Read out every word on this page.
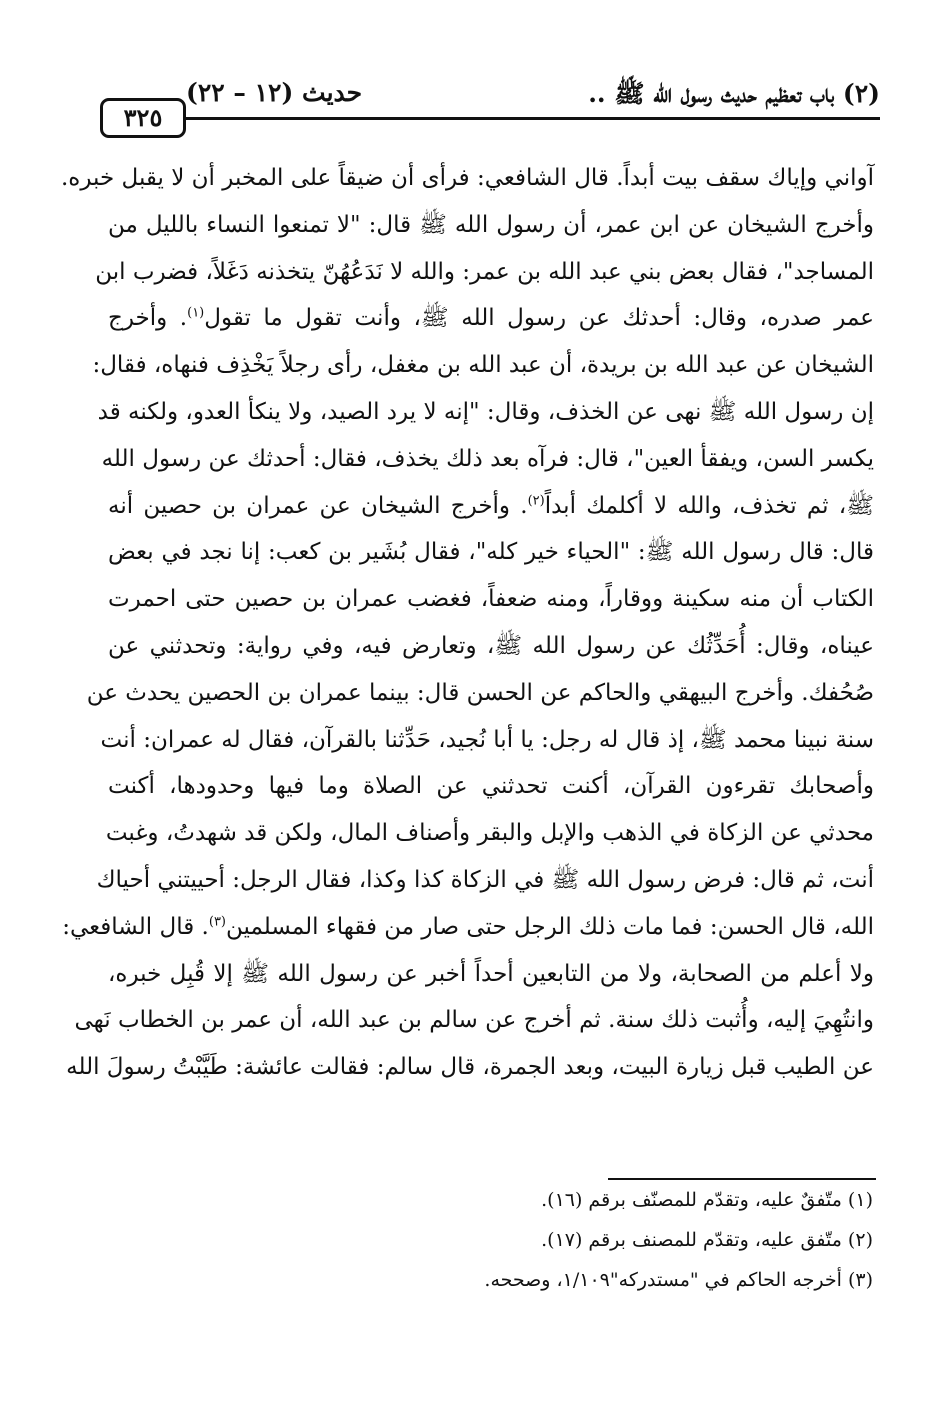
(٢) باب تعظيم حديث رسول الله ﷺ ..
حديث (١٢ – ٢٢)
٣٢٥

آواني وإياك سقف بيت أبداً. قال الشافعي: فرأى أن ضيقاً على المخبر أن لا يقبل خبره.

وأخرج الشيخان عن ابن عمر، أن رسول الله ﷺ قال: "لا تمنعوا النساء بالليل من

المساجد"، فقال بعض بني عبد الله بن عمر: والله لا نَدَعُهُنّ يتخذنه دَغَلاً، فضرب ابن

عمر صدره، وقال: أحدثك عن رسول الله ﷺ، وأنت تقول ما تقول$^{(١)}$. وأخرج

الشيخان عن عبد الله بن بريدة، أن عبد الله بن مغفل، رأى رجلاً يَخْذِف فنهاه، فقال:

إن رسول الله ﷺ نهى عن الخذف، وقال: "إنه لا يرد الصيد، ولا ينكأ العدو، ولكنه قد

يكسر السن، ويفقأ العين"، قال: فرآه بعد ذلك يخذف، فقال: أحدثك عن رسول الله

ﷺ، ثم تخذف، والله لا أكلمك أبداً$^{(٢)}$. وأخرج الشيخان عن عمران بن حصين أنه

قال: قال رسول الله ﷺ: "الحياء خير كله"، فقال بُشَير بن كعب: إنا نجد في بعض

الكتاب أن منه سكينة ووقاراً، ومنه ضعفاً، فغضب عمران بن حصين حتى احمرت

عيناه، وقال: أُحَدِّثُك عن رسول الله ﷺ، وتعارض فيه، وفي رواية: وتحدثني عن

صُحُفك. وأخرج البيهقي والحاكم عن الحسن قال: بينما عمران بن الحصين يحدث عن

سنة نبينا محمد ﷺ، إذ قال له رجل: يا أبا نُجيد، حَدِّثنا بالقرآن، فقال له عمران: أنت

وأصحابك تقرءون القرآن، أكنت تحدثني عن الصلاة وما فيها وحدودها، أكنت

محدثي عن الزكاة في الذهب والإبل والبقر وأصناف المال، ولكن قد شهدتُ، وغبت

أنت، ثم قال: فرض رسول الله ﷺ في الزكاة كذا وكذا، فقال الرجل: أحييتني أحياك

الله، قال الحسن: فما مات ذلك الرجل حتى صار من فقهاء المسلمين$^{(٣)}$. قال الشافعي:

ولا أعلم من الصحابة، ولا من التابعين أحداً أخبر عن رسول الله ﷺ إلا قُبِل خبره،

وانتُهِيَ إليه، وأُثبت ذلك سنة. ثم أخرج عن سالم بن عبد الله، أن عمر بن الخطاب نَهى

عن الطيب قبل زيارة البيت، وبعد الجمرة، قال سالم: فقالت عائشة: طَيَّبْتُ رسولَ الله

(١) متّفقٌ عليه، وتقدّم للمصنّف برقم (١٦).

(٢) متّفق عليه، وتقدّم للمصنف برقم (١٧).

(٣) أخرجه الحاكم في "مستدركه"١/١٠٩، وصححه.
